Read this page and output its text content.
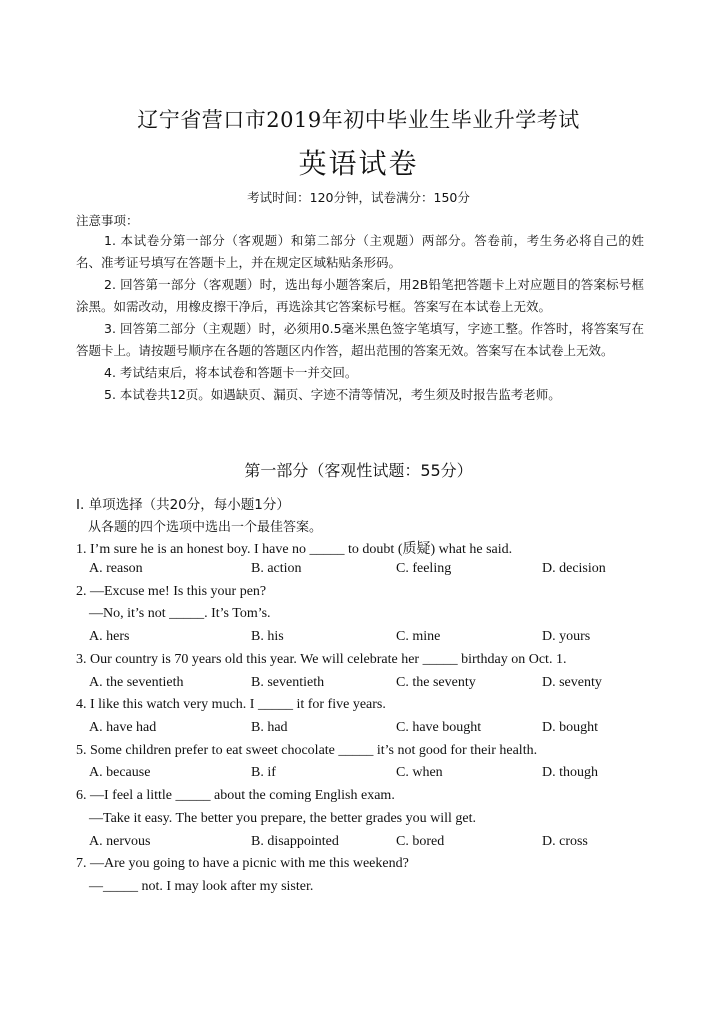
辽宁省营口市2019年初中毕业生毕业升学考试
英语试卷
考试时间：120分钟，试卷满分：150分
注意事项：

1. 本试卷分第一部分（客观题）和第二部分（主观题）两部分。答卷前，考生务必将自己的姓名、准考证号填写在答题卡上，并在规定区域粘贴条形码。

2. 回答第一部分（客观题）时，选出每小题答案后，用2B铅笔把答题卡上对应题目的答案标号框涂黑。如需改动，用橡皮擦干净后，再选涂其它答案标号框。答案写在本试卷上无效。

3. 回答第二部分（主观题）时，必须用0.5毫米黑色签字笔填写，字迹工整。作答时，将答案写在答题卡上。请按题号顺序在各题的答题区内作答，超出范围的答案无效。答案写在本试卷上无效。

4. 考试结束后，将本试卷和答题卡一并交回。

5. 本试卷共12页。如遇缺页、漏页、字迹不清等情况，考生须及时报告监考老师。

第一部分（客观性试题：55分）
I. 单项选择（共20分，每小题1分）
从各题的四个选项中选出一个最佳答案。
1. I’m sure he is an honest boy. I have no _____ to doubt (质疑) what he said.
A. reason	B. action	C. feeling	D. decision
2. —Excuse me! Is this your pen?
—No, it’s not _____. It’s Tom’s.
A. hers	B. his	C. mine	D. yours
3. Our country is 70 years old this year. We will celebrate her _____ birthday on Oct. 1.
A. the seventieth	B. seventieth	C. the seventy	D. seventy
4. I like this watch very much. I _____ it for five years.
A. have had	B. had	C. have bought	D. bought
5. Some children prefer to eat sweet chocolate _____ it’s not good for their health.
A. because	B. if	C. when	D. though
6. —I feel a little _____ about the coming English exam.
—Take it easy. The better you prepare, the better grades you will get.
A. nervous	B. disappointed	C. bored	D. cross
7. —Are you going to have a picnic with me this weekend?
—_____ not. I may look after my sister.
